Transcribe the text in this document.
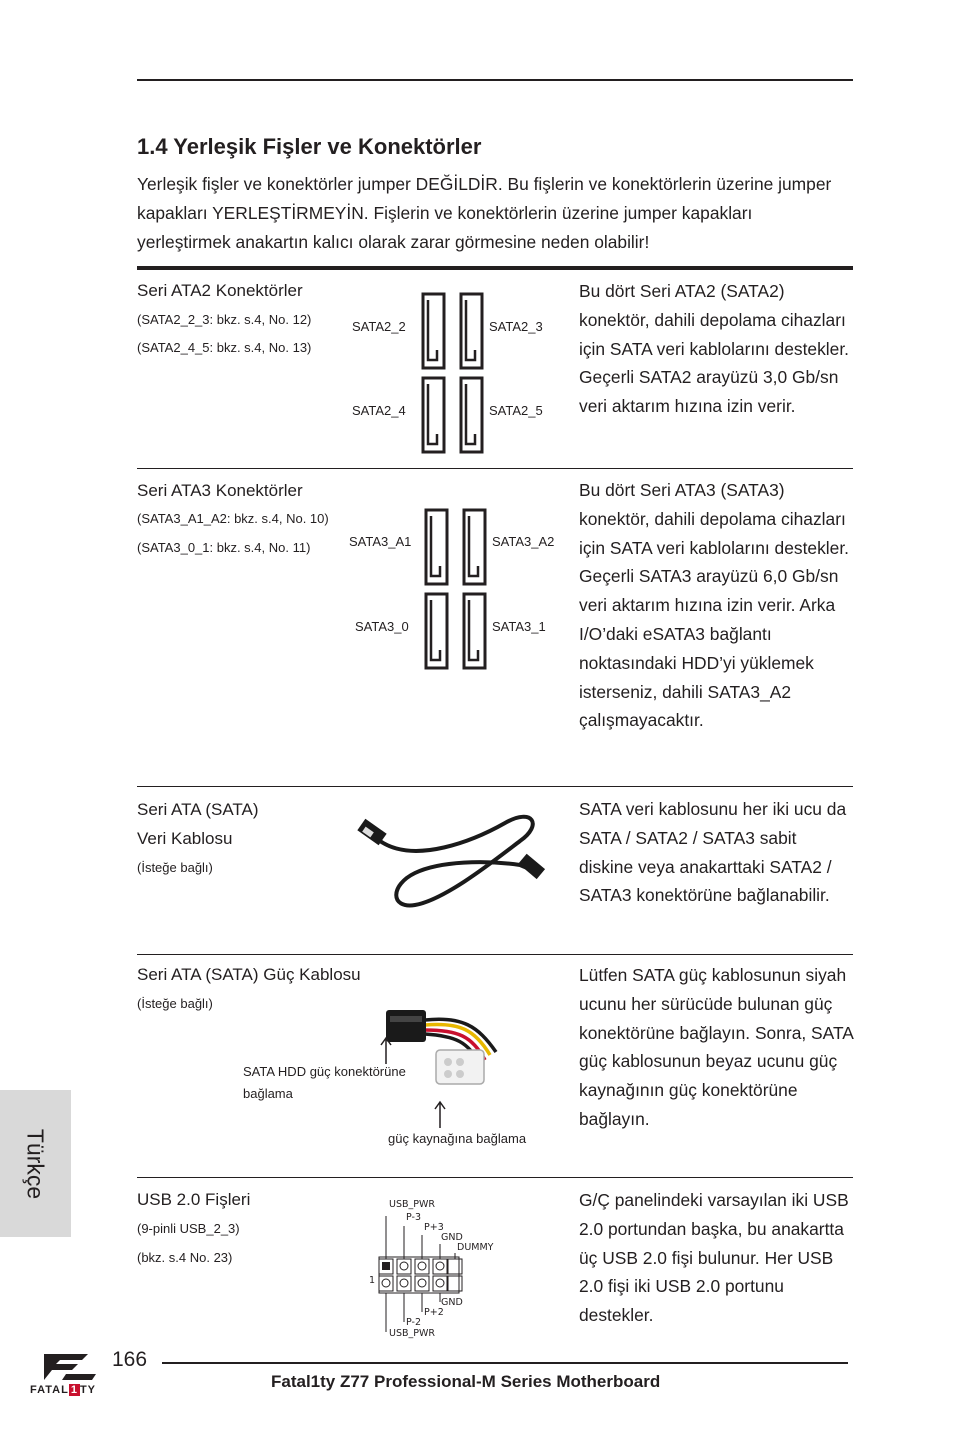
1.4 Yerleşik Fişler ve Konektörler
Yerleşik fişler ve konektörler jumper DEĞİLDİR. Bu fişlerin ve konektörlerin üzerine jumper kapakları YERLEŞTİRMEYİN. Fişlerin ve konektörlerin üzerine jumper kapakları yerleştirmek anakartın kalıcı olarak zarar görmesine neden olabilir!
Seri ATA2 Konektörler
(SATA2_2_3: bkz. s.4, No. 12)
(SATA2_4_5: bkz. s.4, No. 13)
SATA2_2	SATA2_3
SATA2_4	SATA2_5
Bu dört Seri ATA2 (SATA2) konektör, dahili depolama cihazları için SATA veri kablolarını destekler. Geçerli SATA2 arayüzü 3,0 Gb/sn veri aktarım hızına izin verir.
Seri ATA3 Konektörler
(SATA3_A1_A2: bkz. s.4, No. 10)
(SATA3_0_1: bkz. s.4, No. 11)	SATA3_A1	SATA3_A2
SATA3_0	SATA3_1
Bu dört Seri ATA3 (SATA3) konektör, dahili depolama cihazları için SATA veri kablolarını destekler. Geçerli SATA3 arayüzü 6,0 Gb/sn veri aktarım hızına izin verir. Arka I/O’daki eSATA3 bağlantı noktasındaki HDD’yi yüklemek isterseniz, dahili SATA3_A2 çalışmayacaktır.
Seri ATA (SATA)
Veri Kablosu
(İsteğe bağlı)
SATA veri kablosunu her iki ucu da SATA / SATA2 / SATA3 sabit diskine veya anakarttaki SATA2 / SATA3 konektörüne bağlanabilir.
Seri ATA (SATA) Güç Kablosu
(İsteğe bağlı)
SATA HDD güç konektörüne
bağlama
güç kaynağına bağlama
Lütfen SATA güç kablosunun siyah ucunu her sürücüde bulunan güç konektörüne bağlayın. Sonra, SATA güç kablosunun beyaz ucunu güç kaynağının güç konektörüne bağlayın.
USB 2.0 Fişleri
(9-pinli USB_2_3)
(bkz. s.4 No. 23)
USB_PWR
P-3
P+3
GND
DUMMY
1
GND
P+2
P-2
USB_PWR
G/Ç panelindeki varsayılan iki USB 2.0 portundan başka, bu anakartta üç USB 2.0 fişi bulunur. Her USB 2.0 fişi iki USB 2.0 portunu destekler.
Türkçe
FATAL 1 TY
166
Fatal1ty Z77 Professional-M Series Motherboard
